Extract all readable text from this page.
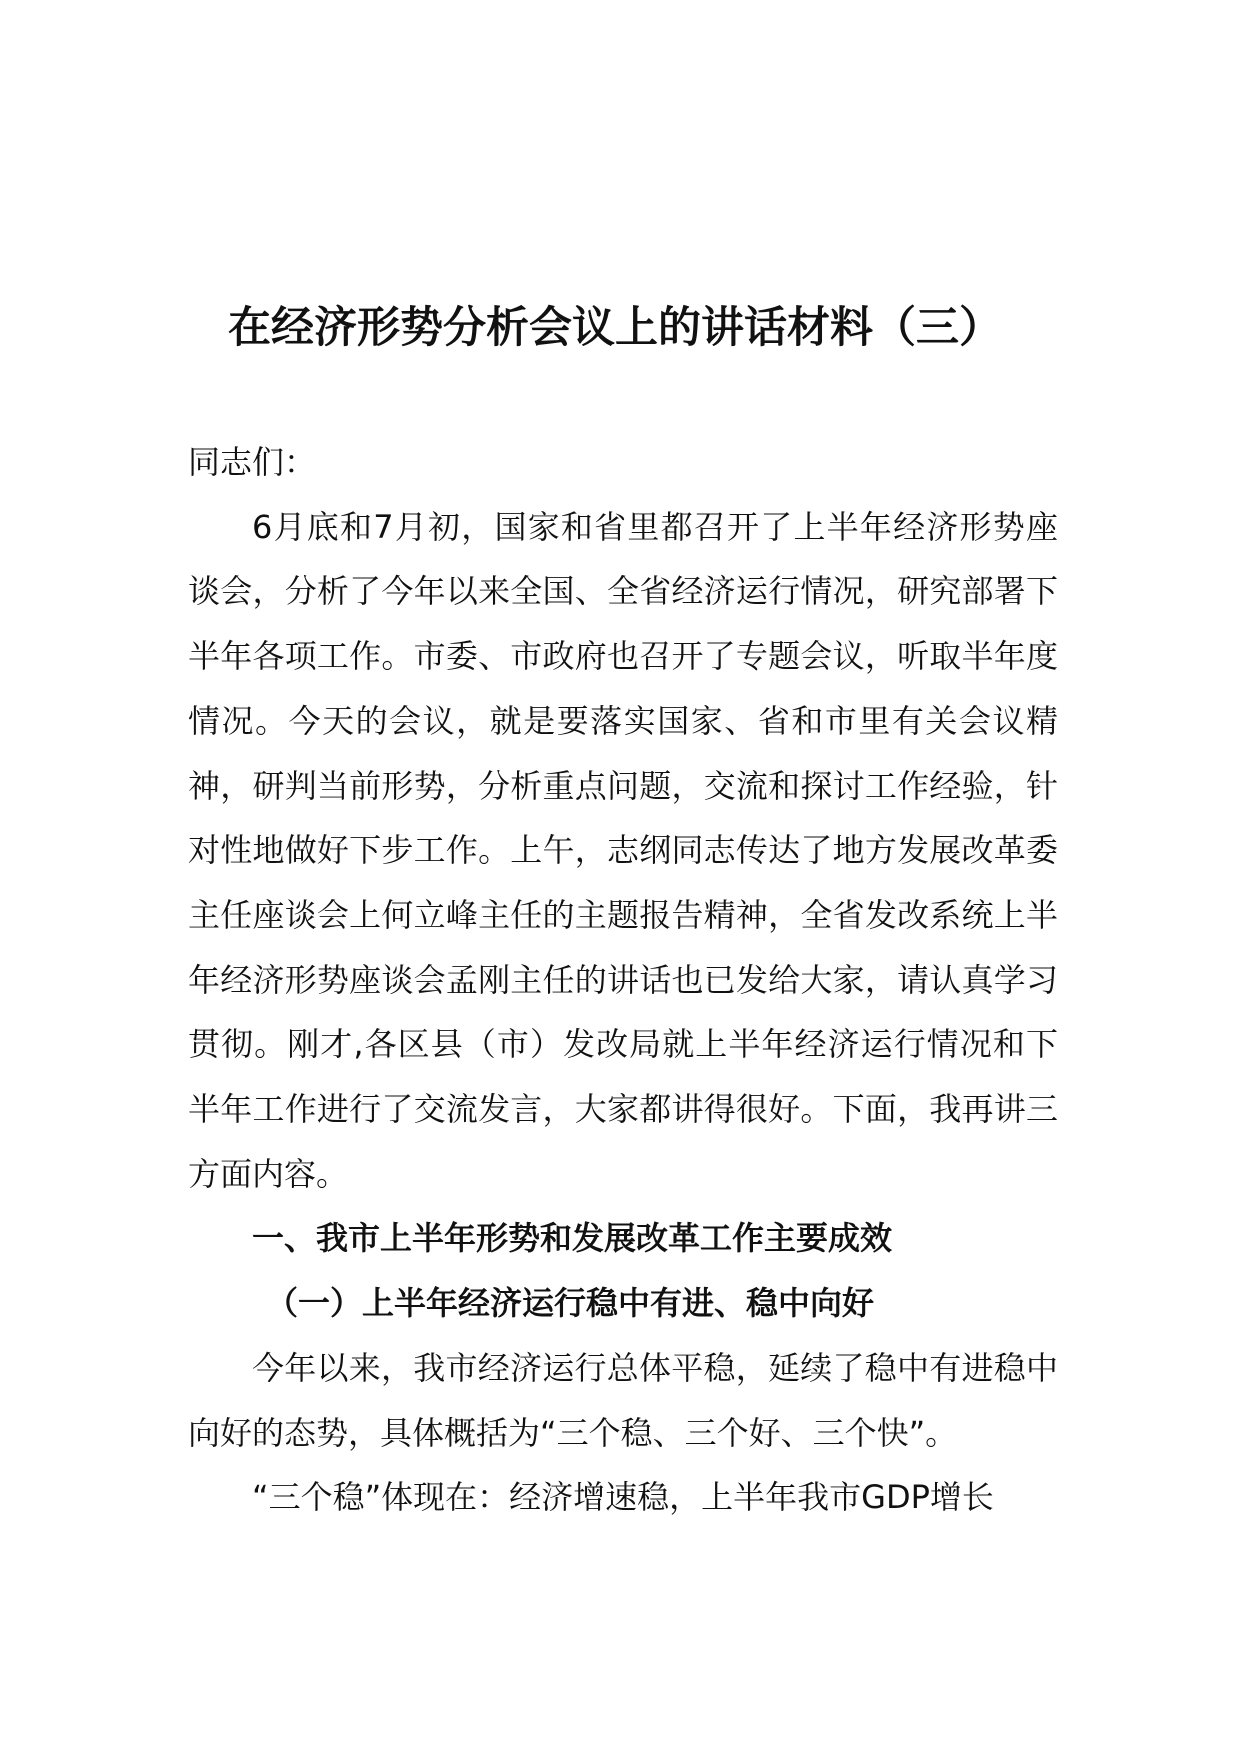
在经济形势分析会议上的讲话材料（三）

同志们：

6月底和7月初，国家和省里都召开了上半年经济形势座谈会，分析了今年以来全国、全省经济运行情况，研究部署下半年各项工作。市委、市政府也召开了专题会议，听取半年度情况。今天的会议，就是要落实国家、省和市里有关会议精神，研判当前形势，分析重点问题，交流和探讨工作经验，针对性地做好下步工作。上午，志纲同志传达了地方发展改革委主任座谈会上何立峰主任的主题报告精神，全省发改系统上半年经济形势座谈会孟刚主任的讲话也已发给大家，请认真学习贯彻。刚才,各区县（市）发改局就上半年经济运行情况和下半年工作进行了交流发言，大家都讲得很好。下面，我再讲三方面内容。

一、我市上半年形势和发展改革工作主要成效

（一）上半年经济运行稳中有进、稳中向好

今年以来，我市经济运行总体平稳，延续了稳中有进稳中向好的态势，具体概括为“三个稳、三个好、三个快”。

“三个稳”体现在：经济增速稳，上半年我市GDP增长
